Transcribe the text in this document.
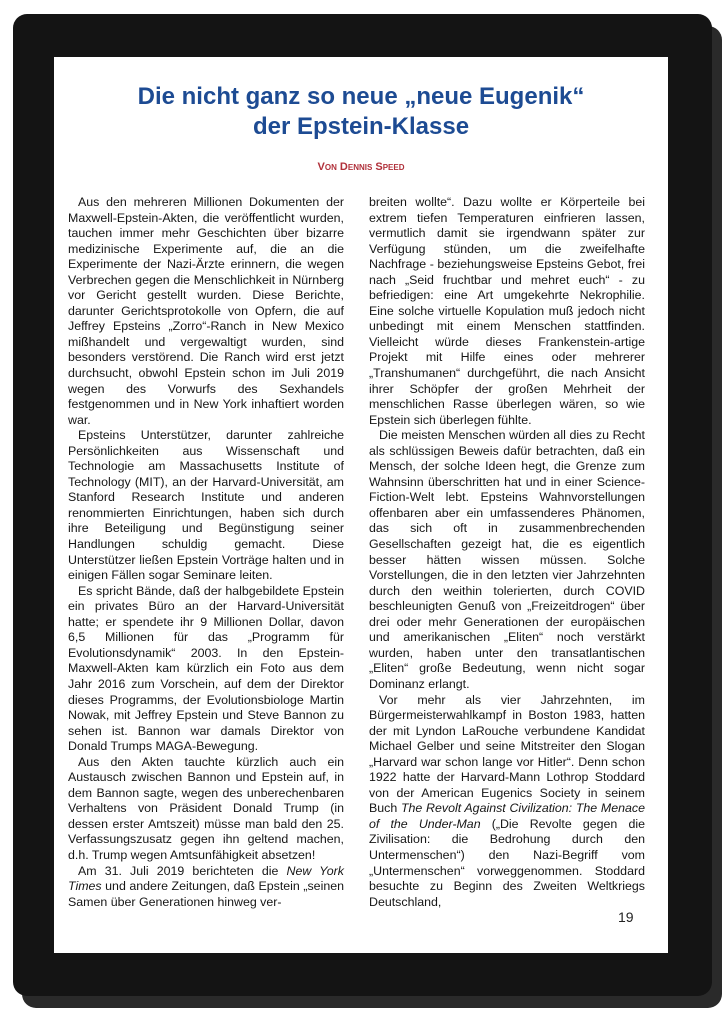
Die nicht ganz so neue „neue Eugenik“
der Epstein-Klasse
Von Dennis Speed

Aus den mehreren Millionen Dokumenten der Maxwell-Epstein-Akten, die veröffentlicht wurden, tauchen immer mehr Geschichten über bizarre medizinische Experimente auf, die an die Experimente der Nazi-Ärzte erinnern, die wegen Verbrechen gegen die Menschlichkeit in Nürnberg vor Gericht gestellt wurden. Diese Berichte, darunter Gerichtsprotokolle von Opfern, die auf Jeffrey Epsteins „Zorro“-Ranch in New Mexico mißhandelt und vergewaltigt wurden, sind besonders verstörend. Die Ranch wird erst jetzt durchsucht, obwohl Epstein schon im Juli 2019 wegen des Vorwurfs des Sexhandels festgenommen und in New York inhaftiert worden war.

Epsteins Unterstützer, darunter zahlreiche Persönlichkeiten aus Wissenschaft und Technologie am Massachusetts Institute of Technology (MIT), an der Harvard-Universität, am Stanford Research Institute und anderen renommierten Einrichtungen, haben sich durch ihre Beteiligung und Begünstigung seiner Handlungen schuldig gemacht. Diese Unterstützer ließen Epstein Vorträge halten und in einigen Fällen sogar Seminare leiten.

Es spricht Bände, daß der halbgebildete Epstein ein privates Büro an der Harvard-Universität hatte; er spendete ihr 9 Millionen Dollar, davon 6,5 Millionen für das „Programm für Evolutionsdynamik“ 2003. In den Epstein-Maxwell-Akten kam kürzlich ein Foto aus dem Jahr 2016 zum Vorschein, auf dem der Direktor dieses Programms, der Evolutionsbiologe Martin Nowak, mit Jeffrey Epstein und Steve Bannon zu sehen ist. Bannon war damals Direktor von Donald Trumps MAGA-Bewegung.

Aus den Akten tauchte kürzlich auch ein Austausch zwischen Bannon und Epstein auf, in dem Bannon sagte, wegen des unberechenbaren Verhaltens von Präsident Donald Trump (in dessen erster Amtszeit) müsse man bald den 25. Verfassungszusatz gegen ihn geltend machen, d.h. Trump wegen Amtsunfähigkeit absetzen!

Am 31. Juli 2019 berichteten die New York Times und andere Zeitungen, daß Epstein „seinen Samen über Generationen hinweg ver-

breiten wollte“. Dazu wollte er Körperteile bei extrem tiefen Temperaturen einfrieren lassen, vermutlich damit sie irgendwann später zur Verfügung stünden, um die zweifelhafte Nachfrage - beziehungsweise Epsteins Gebot, frei nach „Seid fruchtbar und mehret euch“ - zu befriedigen: eine Art umgekehrte Nekrophilie. Eine solche virtuelle Kopulation muß jedoch nicht unbedingt mit einem Menschen stattfinden. Vielleicht würde dieses Frankenstein-artige Projekt mit Hilfe eines oder mehrerer „Transhumanen“ durchgeführt, die nach Ansicht ihrer Schöpfer der großen Mehrheit der menschlichen Rasse überlegen wären, so wie Epstein sich überlegen fühlte.

Die meisten Menschen würden all dies zu Recht als schlüssigen Beweis dafür betrachten, daß ein Mensch, der solche Ideen hegt, die Grenze zum Wahnsinn überschritten hat und in einer Science-Fiction-Welt lebt. Epsteins Wahnvorstellungen offenbaren aber ein umfassenderes Phänomen, das sich oft in zusammenbrechenden Gesellschaften gezeigt hat, die es eigentlich besser hätten wissen müssen. Solche Vorstellungen, die in den letzten vier Jahrzehnten durch den weithin tolerierten, durch COVID beschleunigten Genuß von „Freizeitdrogen“ über drei oder mehr Generationen der europäischen und amerikanischen „Eliten“ noch verstärkt wurden, haben unter den transatlantischen „Eliten“ große Bedeutung, wenn nicht sogar Dominanz erlangt.

Vor mehr als vier Jahrzehnten, im Bürgermeisterwahlkampf in Boston 1983, hatten der mit Lyndon LaRouche verbundene Kandidat Michael Gelber und seine Mitstreiter den Slogan „Harvard war schon lange vor Hitler“. Denn schon 1922 hatte der Harvard-Mann Lothrop Stoddard von der American Eugenics Society in seinem Buch The Revolt Against Civilization: The Menace of the Under-Man („Die Revolte gegen die Zivilisation: die Bedrohung durch den Untermenschen“) den Nazi-Begriff vom „Untermenschen“ vorweggenommen. Stoddard besuchte zu Beginn des Zweiten Weltkriegs Deutschland,

19
